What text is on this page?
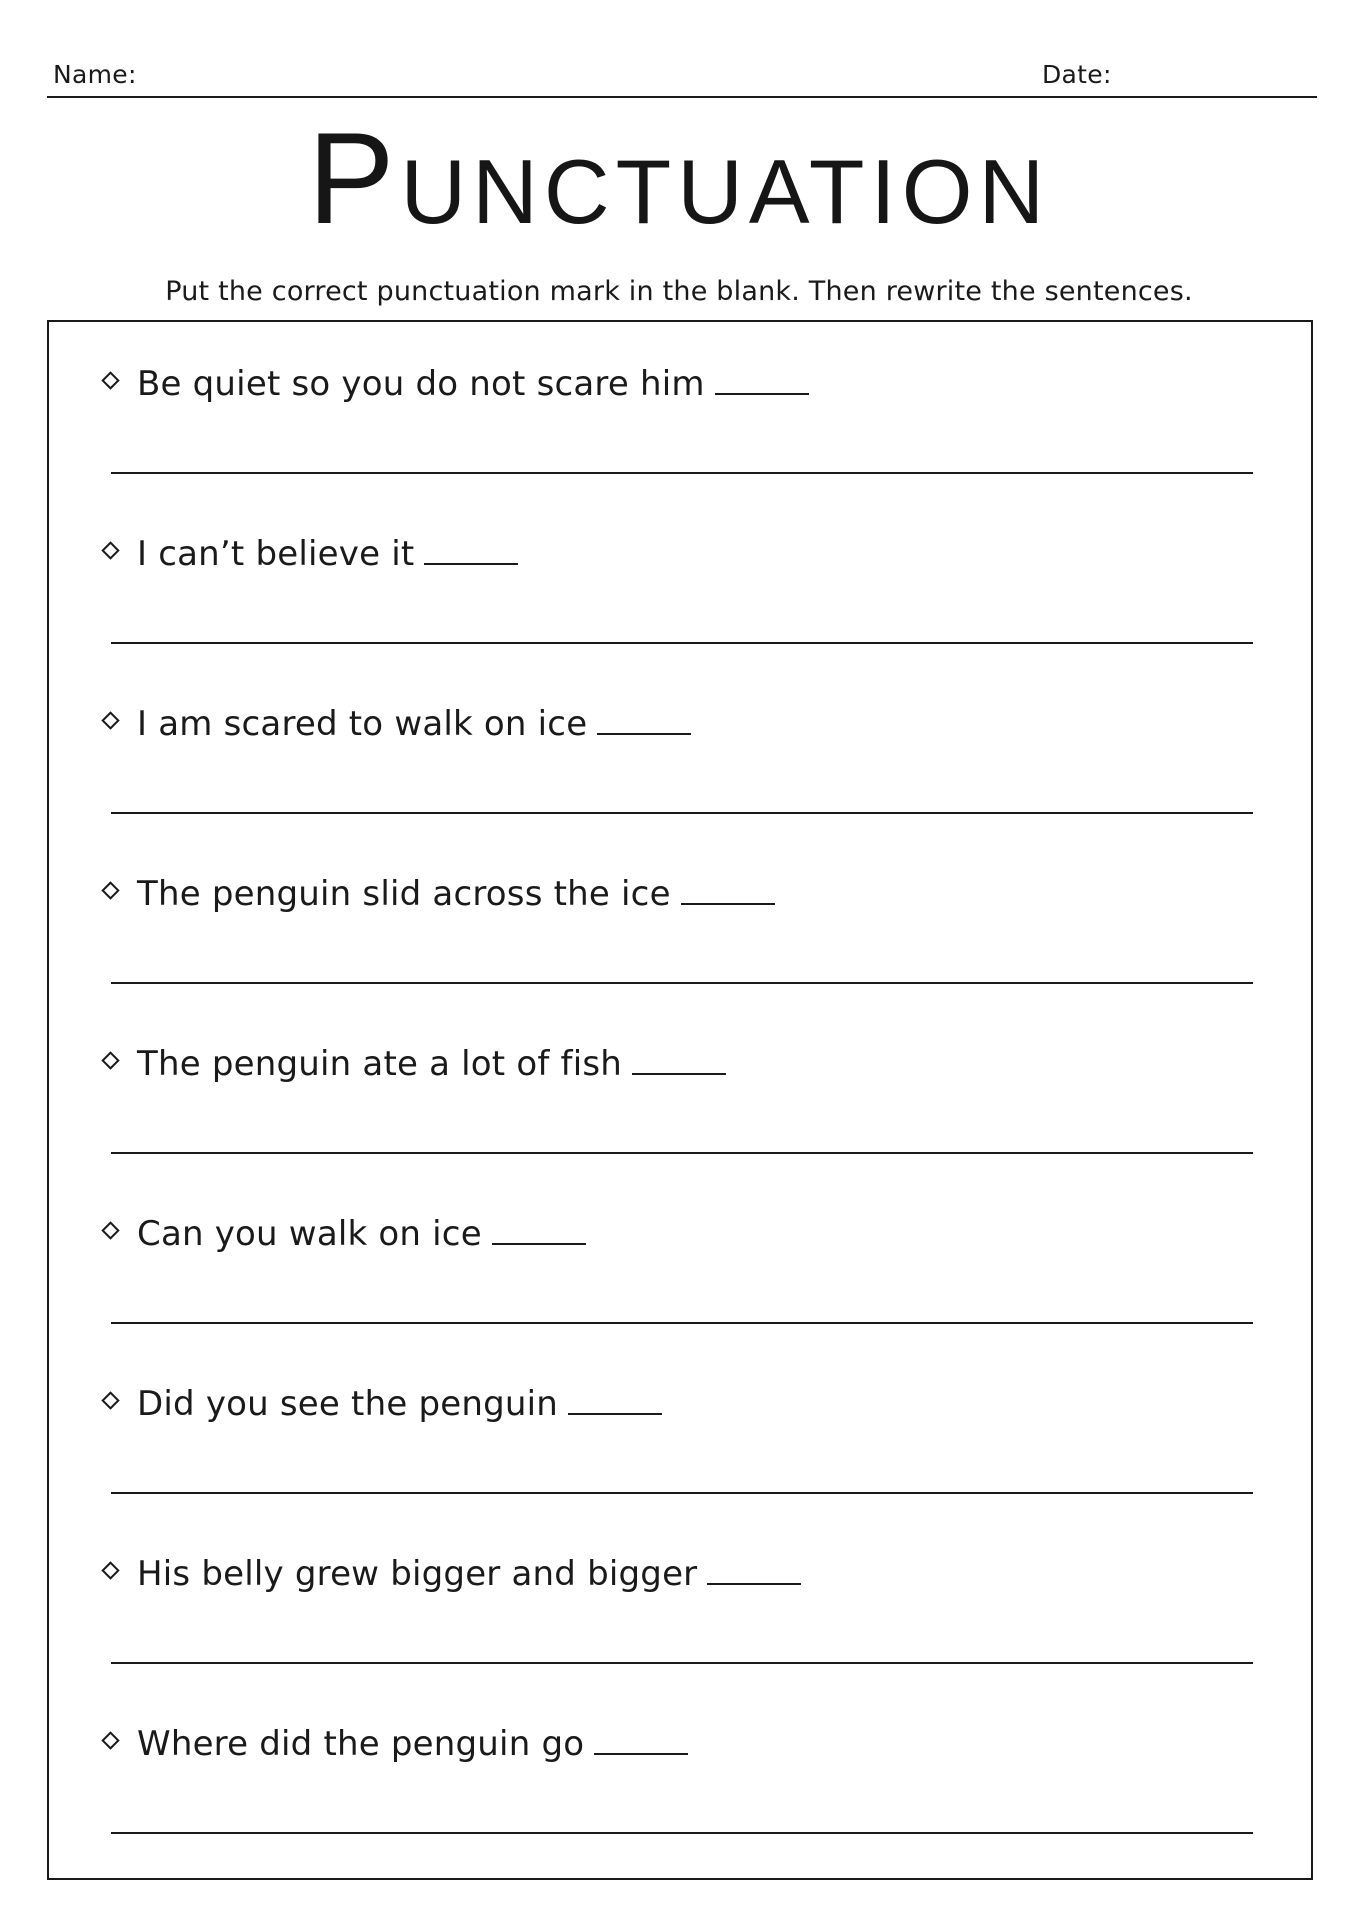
Name:	Date:
Punctuation
Put the correct punctuation mark in the blank. Then rewrite the sentences.
Be quiet so you do not scare him
I can’t believe it
I am scared to walk on ice
The penguin slid across the ice
The penguin ate a lot of fish
Can you walk on ice
Did you see the penguin
His belly grew bigger and bigger
Where did the penguin go
